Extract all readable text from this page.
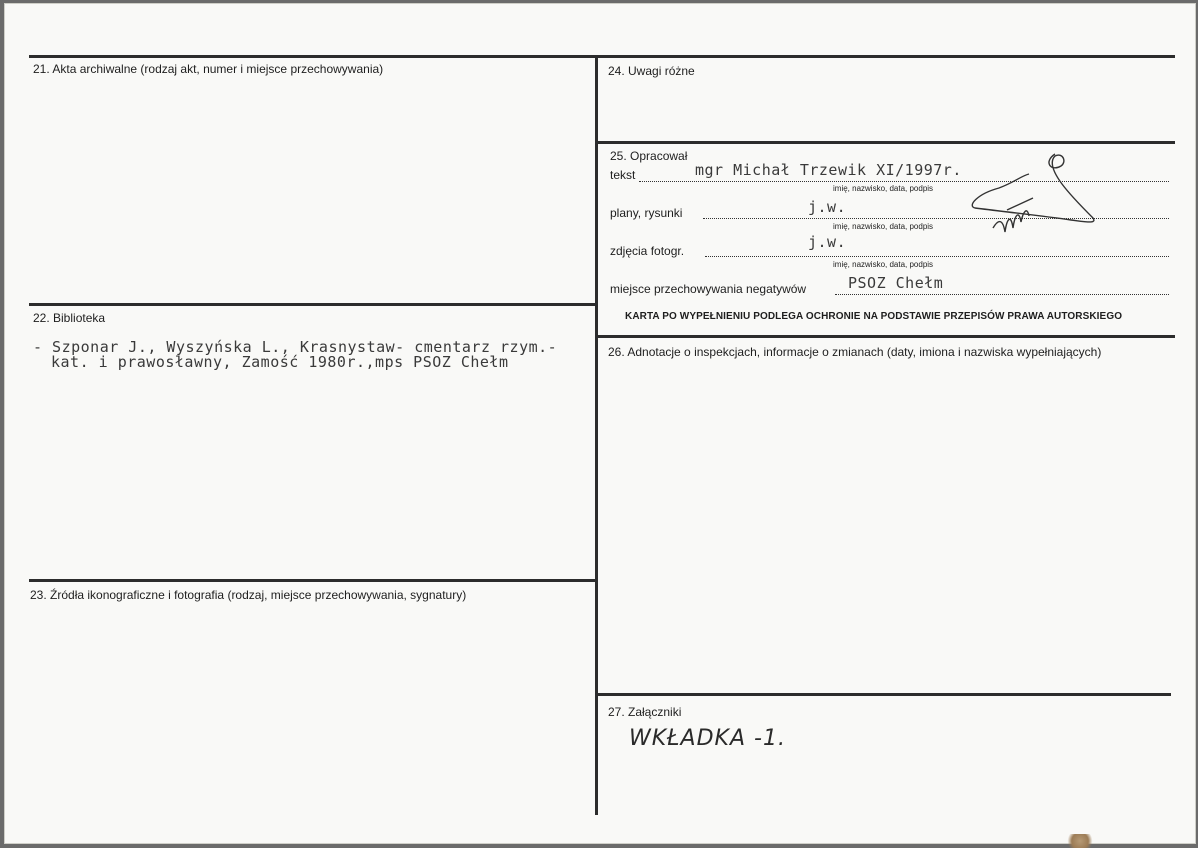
21. Akta archiwalne (rodzaj akt, numer i miejsce przechowywania)
22. Biblioteka
- Szponar J., Wyszyńska L., Krasnystaw- cmentarz rzym.-
kat. i prawosławny, Zamość 1980r.,mps PSOZ Chełm
23. Źródła ikonograficzne i fotografia (rodzaj, miejsce przechowywania, sygnatury)
24. Uwagi różne
25. Opracował
tekst	mgr Michał Trzewik XI/1997r.
imię, nazwisko, data, podpis
plany, rysunki	j.w.
imię, nazwisko, data, podpis
zdjęcia fotogr.	j.w.
imię, nazwisko, data, podpis
miejsce przechowywania negatywów	PSOZ Chełm
KARTA PO WYPEŁNIENIU PODLEGA OCHRONIE NA PODSTAWIE PRZEPISÓW PRAWA AUTORSKIEGO
26. Adnotacje o inspekcjach, informacje o zmianach (daty, imiona i nazwiska wypełniających)
27. Załączniki
WKŁADKA -1.
